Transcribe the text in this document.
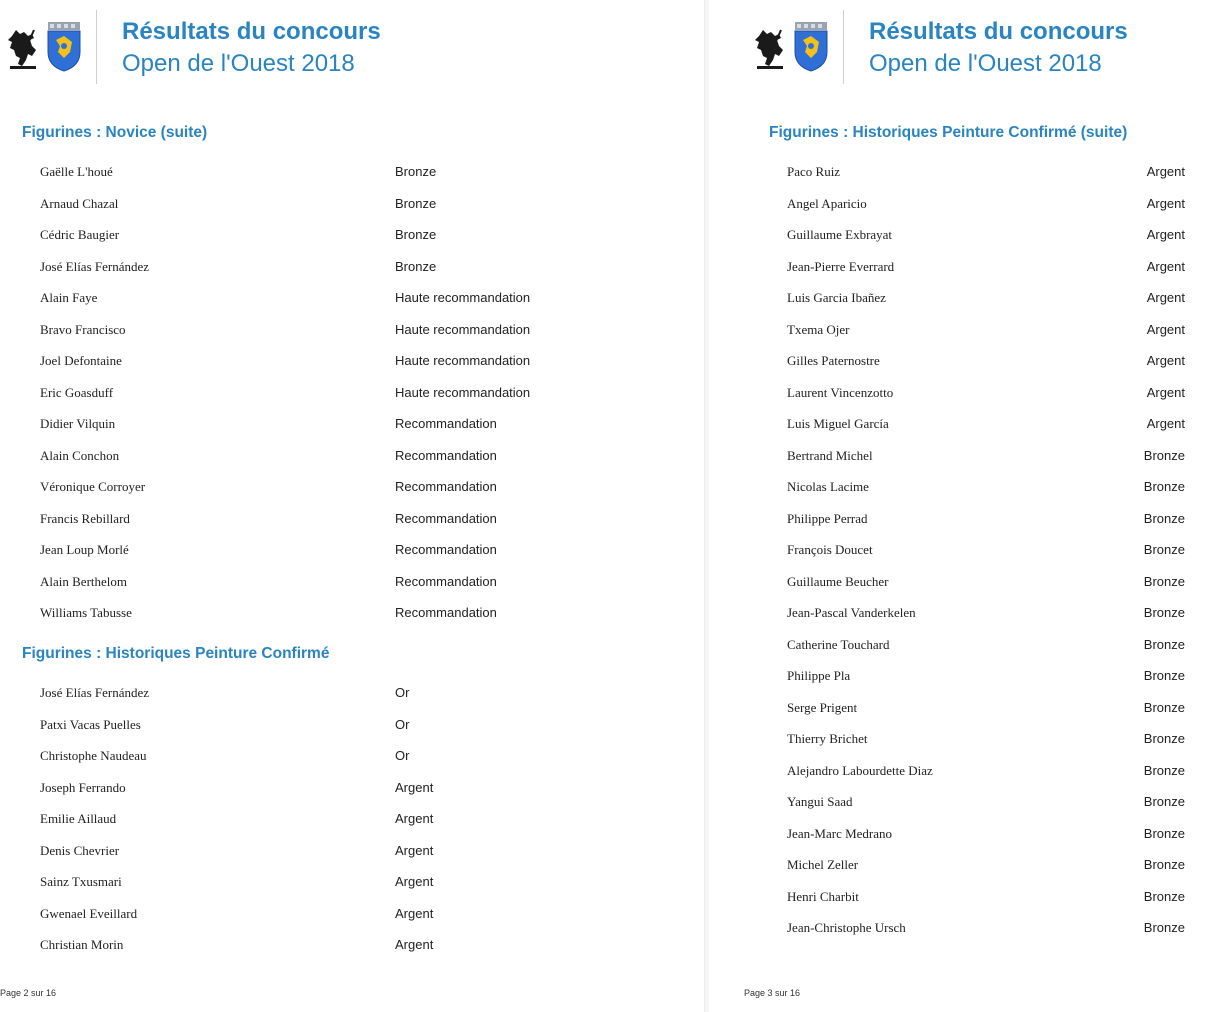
Résultats du concours
Open de l'Ouest 2018
Figurines : Novice (suite)
Gaëlle L'houé	Bronze
Arnaud Chazal	Bronze
Cédric Baugier	Bronze
José Elías Fernández	Bronze
Alain Faye	Haute recommandation
Bravo Francisco	Haute recommandation
Joel Defontaine	Haute recommandation
Eric Goasduff	Haute recommandation
Didier Vilquin	Recommandation
Alain Conchon	Recommandation
Véronique Corroyer	Recommandation
Francis Rebillard	Recommandation
Jean Loup Morlé	Recommandation
Alain Berthelom	Recommandation
Williams Tabusse	Recommandation
Figurines : Historiques Peinture Confirmé
José Elías Fernández	Or
Patxi Vacas Puelles	Or
Christophe Naudeau	Or
Joseph Ferrando	Argent
Emilie Aillaud	Argent
Denis Chevrier	Argent
Sainz Txusmari	Argent
Gwenael Eveillard	Argent
Christian Morin	Argent
Page 2 sur 16
Résultats du concours
Open de l'Ouest 2018
Figurines : Historiques Peinture Confirmé (suite)
Paco Ruiz	Argent
Angel Aparicio	Argent
Guillaume Exbrayat	Argent
Jean-Pierre Everrard	Argent
Luis Garcia Ibañez	Argent
Txema Ojer	Argent
Gilles Paternostre	Argent
Laurent Vincenzotto	Argent
Luis Miguel García	Argent
Bertrand Michel	Bronze
Nicolas Lacime	Bronze
Philippe Perrad	Bronze
François Doucet	Bronze
Guillaume Beucher	Bronze
Jean-Pascal Vanderkelen	Bronze
Catherine Touchard	Bronze
Philippe Pla	Bronze
Serge Prigent	Bronze
Thierry Brichet	Bronze
Alejandro Labourdette Diaz	Bronze
Yangui Saad	Bronze
Jean-Marc Medrano	Bronze
Michel Zeller	Bronze
Henri Charbit	Bronze
Jean-Christophe Ursch	Bronze
Page 3 sur 16
